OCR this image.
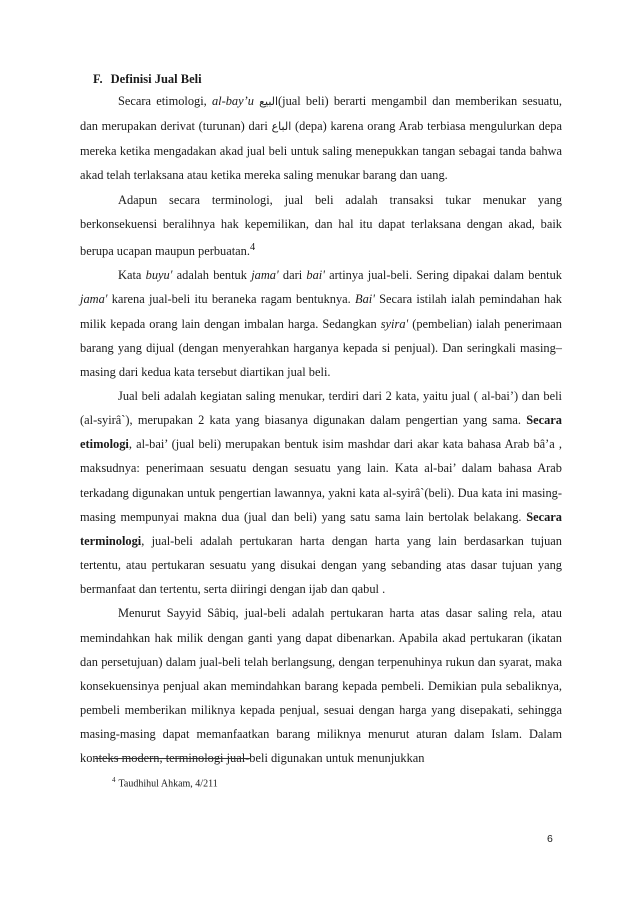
F. Definisi Jual Beli

Secara etimologi, al-bay’u البيع(jual beli) berarti mengambil dan memberikan sesuatu, dan merupakan derivat (turunan) dari الباع (depa) karena orang Arab terbiasa mengulurkan depa mereka ketika mengadakan akad jual beli untuk saling menepukkan tangan sebagai tanda bahwa akad telah terlaksana atau ketika mereka saling menukar barang dan uang.

Adapun secara terminologi, jual beli adalah transaksi tukar menukar yang berkonsekuensi beralihnya hak kepemilikan, dan hal itu dapat terlaksana dengan akad, baik berupa ucapan maupun perbuatan.$^4$

Kata buyu' adalah bentuk jama' dari bai' artinya jual-beli. Sering dipakai dalam bentuk jama' karena jual-beli itu beraneka ragam bentuknya. Bai' Secara istilah ialah pemindahan hak milik kepada orang lain dengan imbalan harga. Sedangkan syira' (pembelian) ialah penerimaan barang yang dijual (dengan menyerahkan harganya kepada si penjual). Dan seringkali masing–masing dari kedua kata tersebut diartikan jual beli.

Jual beli adalah kegiatan saling menukar, terdiri dari 2 kata, yaitu jual ( al-bai’) dan beli (al-syirâ`), merupakan 2 kata yang biasanya digunakan dalam pengertian yang sama. Secara etimologi, al-bai’ (jual beli) merupakan bentuk isim mashdar dari akar kata bahasa Arab bâ’a , maksudnya: penerimaan sesuatu dengan sesuatu yang lain. Kata al-bai’ dalam bahasa Arab terkadang digunakan untuk pengertian lawannya, yakni kata al-syirâ`(beli). Dua kata ini masing-masing mempunyai makna dua (jual dan beli) yang satu sama lain bertolak belakang. Secara terminologi, jual-beli adalah pertukaran harta dengan harta yang lain berdasarkan tujuan tertentu, atau pertukaran sesuatu yang disukai dengan yang sebanding atas dasar tujuan yang bermanfaat dan tertentu, serta diiringi dengan ijab dan qabul .

Menurut Sayyid Sâbiq, jual-beli adalah pertukaran harta atas dasar saling rela, atau memindahkan hak milik dengan ganti yang dapat dibenarkan. Apabila akad pertukaran (ikatan dan persetujuan) dalam jual-beli telah berlangsung, dengan terpenuhinya rukun dan syarat, maka konsekuensinya penjual akan memindahkan barang kepada pembeli. Demikian pula sebaliknya, pembeli memberikan miliknya kepada penjual, sesuai dengan harga yang disepakati, sehingga masing-masing dapat memanfaatkan barang miliknya menurut aturan dalam Islam. Dalam konteks modern, terminologi jual-beli digunakan untuk menunjukkan

$^4$ Taudhihul Ahkam, 4/211
6
